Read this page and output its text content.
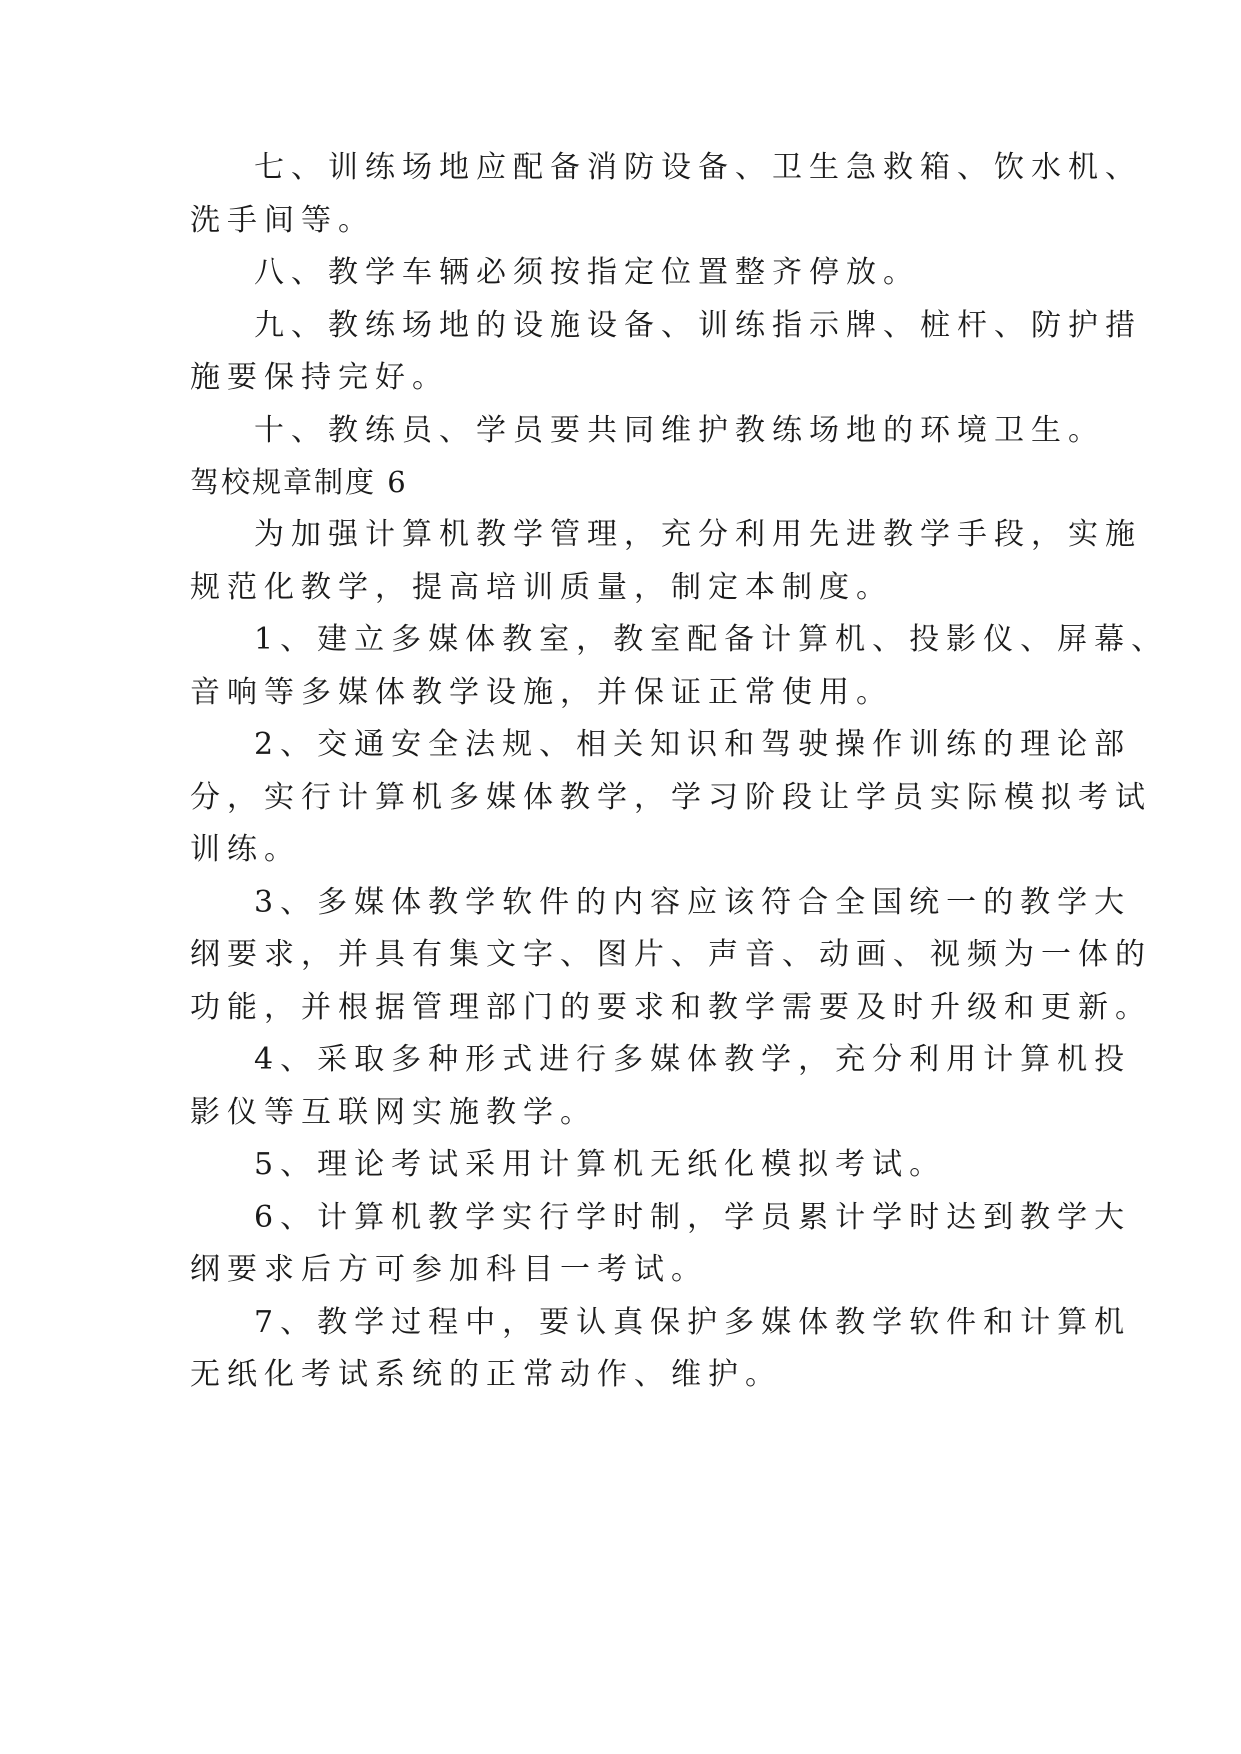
七、训练场地应配备消防设备、卫生急救箱、饮水机、
洗手间等。
八、教学车辆必须按指定位置整齐停放。
九、教练场地的设施设备、训练指示牌、桩杆、防护措
施要保持完好。
十、教练员、学员要共同维护教练场地的环境卫生。
驾校规章制度 6
为加强计算机教学管理，充分利用先进教学手段，实施
规范化教学，提高培训质量，制定本制度。
1、建立多媒体教室，教室配备计算机、投影仪、屏幕、
音响等多媒体教学设施，并保证正常使用。
2、交通安全法规、相关知识和驾驶操作训练的理论部
分，实行计算机多媒体教学，学习阶段让学员实际模拟考试
训练。
3、多媒体教学软件的内容应该符合全国统一的教学大
纲要求，并具有集文字、图片、声音、动画、视频为一体的
功能，并根据管理部门的要求和教学需要及时升级和更新。
4、采取多种形式进行多媒体教学，充分利用计算机投
影仪等互联网实施教学。
5、理论考试采用计算机无纸化模拟考试。
6、计算机教学实行学时制，学员累计学时达到教学大
纲要求后方可参加科目一考试。
7、教学过程中，要认真保护多媒体教学软件和计算机
无纸化考试系统的正常动作、维护。
